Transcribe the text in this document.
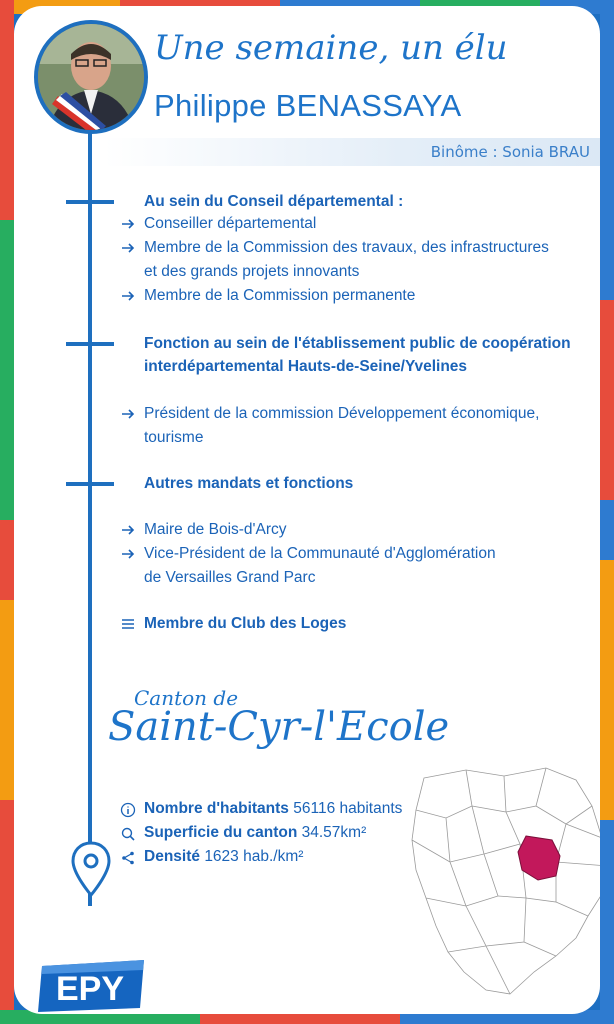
Une semaine, un élu
Philippe BENASSAYA
Binôme : Sonia BRAU
Au sein du Conseil départemental :
Conseiller départemental
Membre de la Commission des travaux, des infrastructures
et des grands projets innovants
Membre de la Commission permanente
Fonction au sein de l'établissement public de coopération
interdépartemental Hauts-de-Seine/Yvelines
Président de la commission Développement économique,
tourisme
Autres mandats et fonctions
Maire de Bois-d'Arcy
Vice-Président de la Communauté d'Agglomération
de Versailles Grand Parc
Membre du Club des Loges
Canton de
Saint-Cyr-l'Ecole
Nombre d'habitants 56116 habitants
Superficie du canton 34.57km²
Densité 1623 hab./km²
EPY
